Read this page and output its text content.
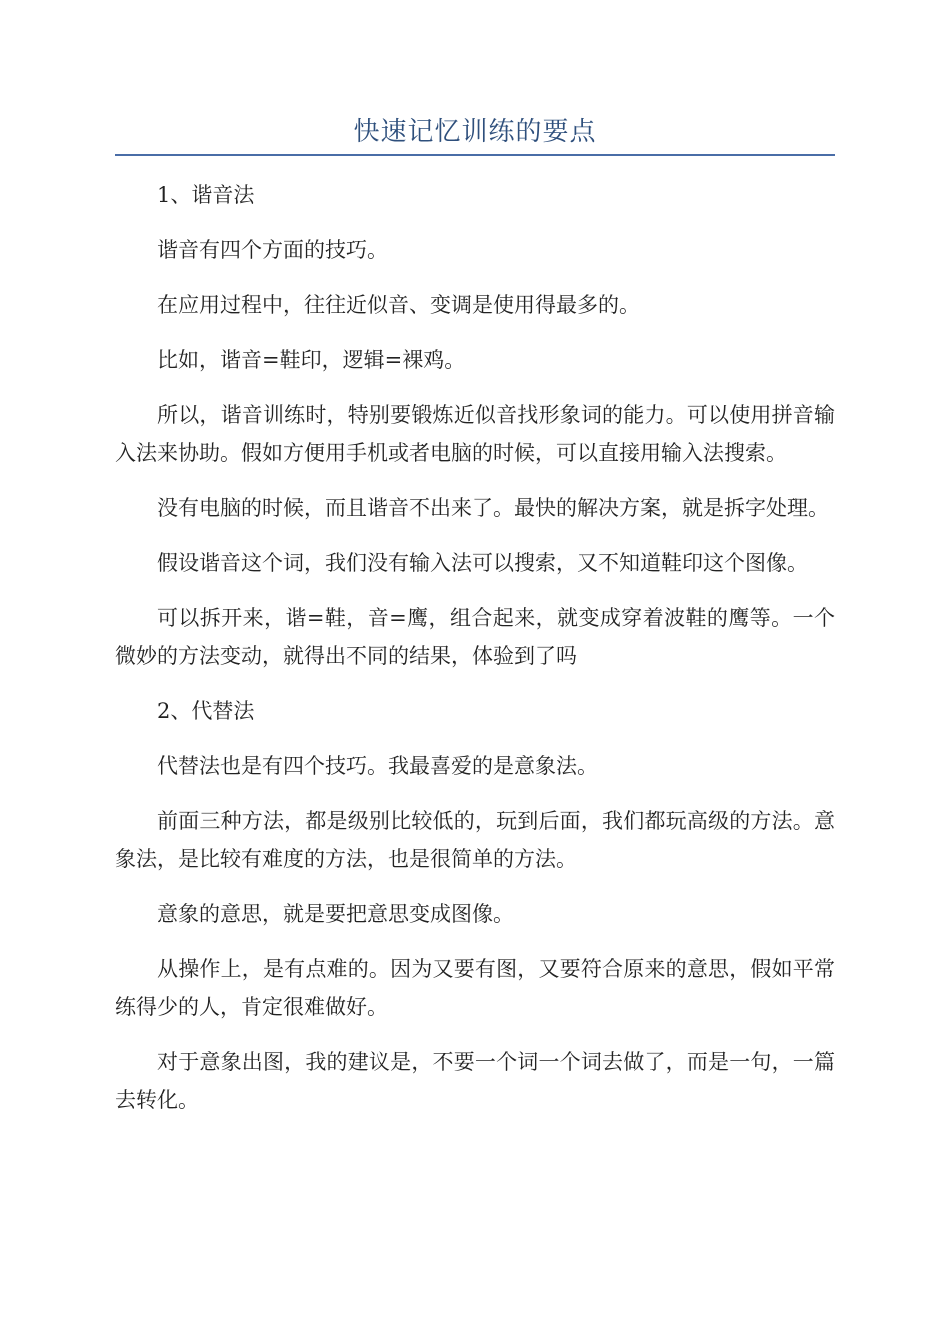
快速记忆训练的要点

1、谐音法

谐音有四个方面的技巧。

在应用过程中，往往近似音、变调是使用得最多的。

比如，谐音=鞋印，逻辑=裸鸡。

所以，谐音训练时，特别要锻炼近似音找形象词的能力。可以使用拼音输入法来协助。假如方便用手机或者电脑的时候，可以直接用输入法搜索。

没有电脑的时候，而且谐音不出来了。最快的解决方案，就是拆字处理。

假设谐音这个词，我们没有输入法可以搜索，又不知道鞋印这个图像。

可以拆开来，谐=鞋，音=鹰，组合起来，就变成穿着波鞋的鹰等。一个微妙的方法变动，就得出不同的结果，体验到了吗

2、代替法

代替法也是有四个技巧。我最喜爱的是意象法。

前面三种方法，都是级别比较低的，玩到后面，我们都玩高级的方法。意象法，是比较有难度的方法，也是很简单的方法。

意象的意思，就是要把意思变成图像。

从操作上，是有点难的。因为又要有图，又要符合原来的意思，假如平常练得少的人，肯定很难做好。

对于意象出图，我的建议是，不要一个词一个词去做了，而是一句，一篇去转化。
